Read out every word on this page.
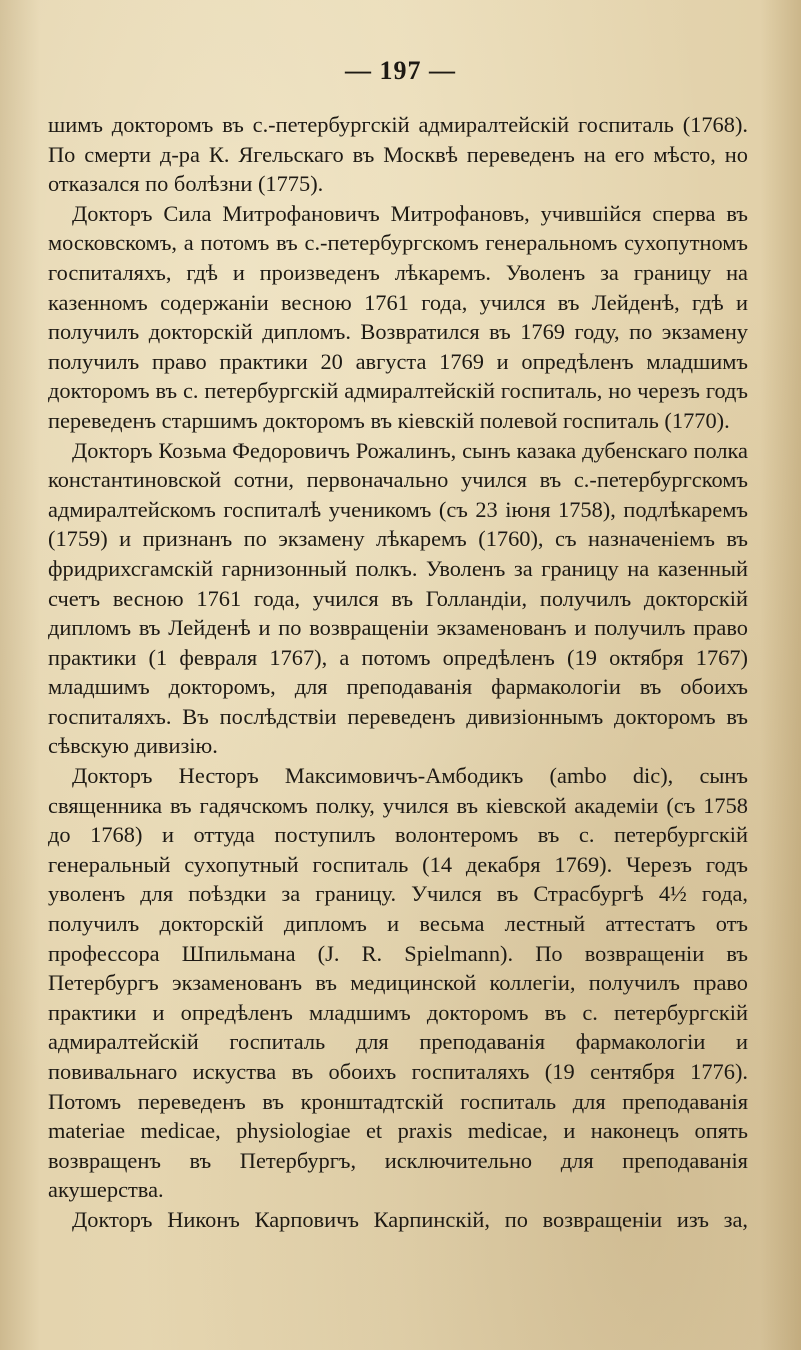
— 197 —

шимъ докторомъ въ с.-петербургскій адмиралтейскій госпиталь (1768). По смерти д-ра К. Ягельскаго въ Москвѣ переведенъ на его мѣсто, но отказался по болѣзни (1775).

Докторъ Сила Митрофановичъ Митрофановъ, учившійся сперва въ московскомъ, а потомъ въ с.-петербургскомъ генеральномъ сухопутномъ госпиталяхъ, гдѣ и произведенъ лѣкаремъ. Уволенъ за границу на казенномъ содержаніи весною 1761 года, учился въ Лейденѣ, гдѣ и получилъ докторскій дипломъ. Возвратился въ 1769 году, по экзамену получилъ право практики 20 августа 1769 и опредѣленъ младшимъ докторомъ въ с. петербургскій адмиралтейскій госпиталь, но черезъ годъ переведенъ старшимъ докторомъ въ кіевскій полевой госпиталь (1770).

Докторъ Козьма Федоровичъ Рожалинъ, сынъ казака дубенскаго полка константиновской сотни, первоначально учился въ с.-петербургскомъ адмиралтейскомъ госпиталѣ ученикомъ (съ 23 іюня 1758), подлѣкаремъ (1759) и признанъ по экзамену лѣкаремъ (1760), съ назначеніемъ въ фридрихсгамскій гарнизонный полкъ. Уволенъ за границу на казенный счетъ весною 1761 года, учился въ Голландіи, получилъ докторскій дипломъ въ Лейденѣ и по возвращеніи экзаменованъ и получилъ право практики (1 февраля 1767), а потомъ опредѣленъ (19 октября 1767) младшимъ докторомъ, для преподаванія фармакологіи въ обоихъ госпиталяхъ. Въ послѣдствіи переведенъ дивизіоннымъ докторомъ въ сѣвскую дивизію.

Докторъ Несторъ Максимовичъ-Амбодикъ (ambo dic), сынъ священника въ гадячскомъ полку, учился въ кіевской академіи (съ 1758 до 1768) и оттуда поступилъ волонтеромъ въ с. петербургскій генеральный сухопутный госпиталь (14 декабря 1769). Черезъ годъ уволенъ для поѣздки за границу. Учился въ Страсбургѣ 4½ года, получилъ докторскій дипломъ и весьма лестный аттестатъ отъ профессора Шпильмана (J. R. Spielmann). По возвращеніи въ Петербургъ экзаменованъ въ медицинской коллегіи, получилъ право практики и опредѣленъ младшимъ докторомъ въ с. петербургскій адмиралтейскій госпиталь для преподаванія фармакологіи и повивальнаго искуства въ обоихъ госпиталяхъ (19 сентября 1776). Потомъ переведенъ въ кронштадтскій госпиталь для преподаванія materiae medicae, physiologiae et praxis medicae, и наконецъ опять возвращенъ въ Петербургъ, исключительно для преподаванія акушерства.

Докторъ Никонъ Карповичъ Карпинскій, по возвращеніи изъ за,
